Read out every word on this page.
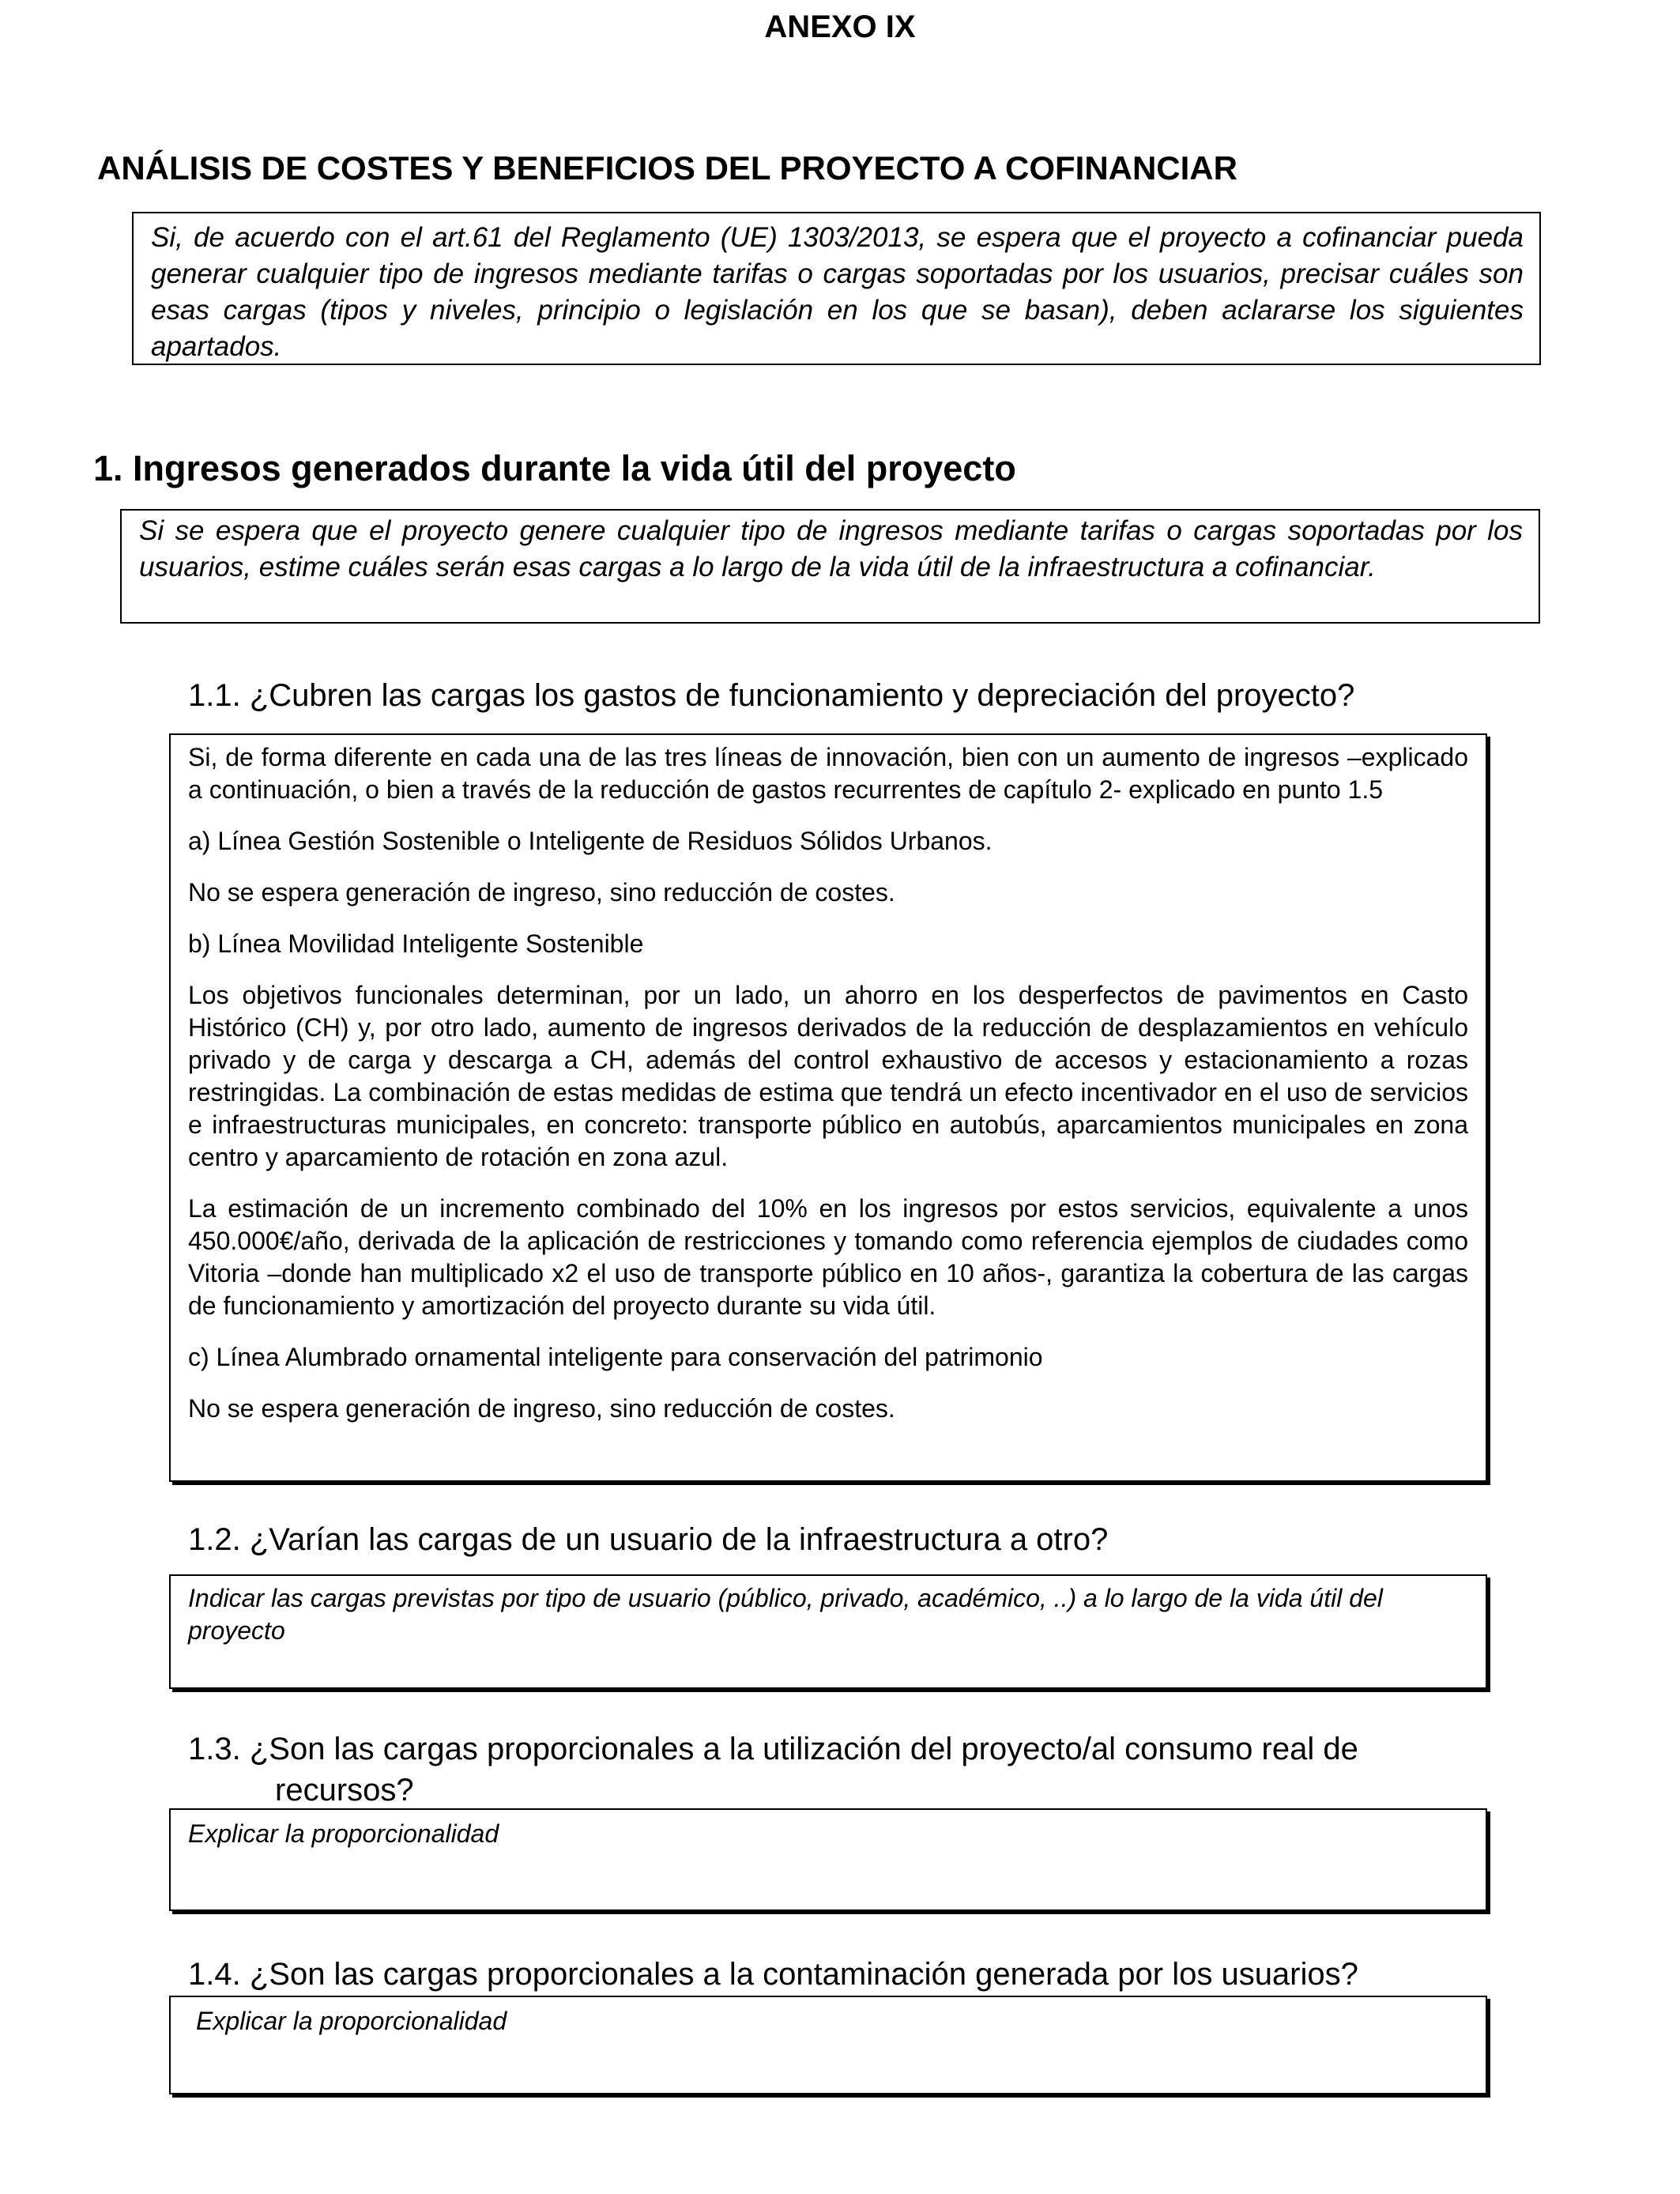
ANEXO IX
ANÁLISIS DE COSTES Y BENEFICIOS DEL PROYECTO A COFINANCIAR
Si, de acuerdo con el art.61 del Reglamento (UE) 1303/2013, se espera que el proyecto a cofinanciar pueda generar cualquier tipo de ingresos mediante tarifas o cargas soportadas por los usuarios, precisar cuáles son esas cargas (tipos y niveles, principio o legislación en los que se basan), deben aclararse los siguientes apartados.
1. Ingresos generados durante la vida útil del proyecto
Si se espera que el proyecto genere cualquier tipo de ingresos mediante tarifas o cargas soportadas por los usuarios, estime cuáles serán esas cargas a lo largo de la vida útil de la infraestructura a cofinanciar.
1.1. ¿Cubren las cargas los gastos de funcionamiento y depreciación del proyecto?

Si, de forma diferente en cada una de las tres líneas de innovación, bien con un aumento de ingresos –explicado a continuación, o bien a través de la reducción de gastos recurrentes de capítulo 2- explicado en punto 1.5

a) Línea Gestión Sostenible o Inteligente de Residuos Sólidos Urbanos.

No se espera generación de ingreso, sino reducción de costes.

b) Línea Movilidad Inteligente Sostenible

Los objetivos funcionales determinan, por un lado, un ahorro en los desperfectos de pavimentos en Casto Histórico (CH) y, por otro lado, aumento de ingresos derivados de la reducción de desplazamientos en vehículo privado y de carga y descarga a CH, además del control exhaustivo de accesos y estacionamiento a rozas restringidas. La combinación de estas medidas de estima que tendrá un efecto incentivador en el uso de servicios e infraestructuras municipales, en concreto: transporte público en autobús, aparcamientos municipales en zona centro y aparcamiento de rotación en zona azul.

La estimación de un incremento combinado del 10% en los ingresos por estos servicios, equivalente a unos 450.000€/año, derivada de la aplicación de restricciones y tomando como referencia ejemplos de ciudades como Vitoria –donde han multiplicado x2 el uso de transporte público en 10 años-, garantiza la cobertura de las cargas de funcionamiento y amortización del proyecto durante su vida útil.

c) Línea Alumbrado ornamental inteligente para conservación del patrimonio

No se espera generación de ingreso, sino reducción de costes.

1.2. ¿Varían las cargas de un usuario de la infraestructura a otro?
Indicar las cargas previstas por tipo de usuario (público, privado, académico, ..) a lo largo de la vida útil del proyecto
1.3. ¿Son las cargas proporcionales a la utilización del proyecto/al consumo real de
recursos?
Explicar la proporcionalidad
1.4. ¿Son las cargas proporcionales a la contaminación generada por los usuarios?
Explicar la proporcionalidad
